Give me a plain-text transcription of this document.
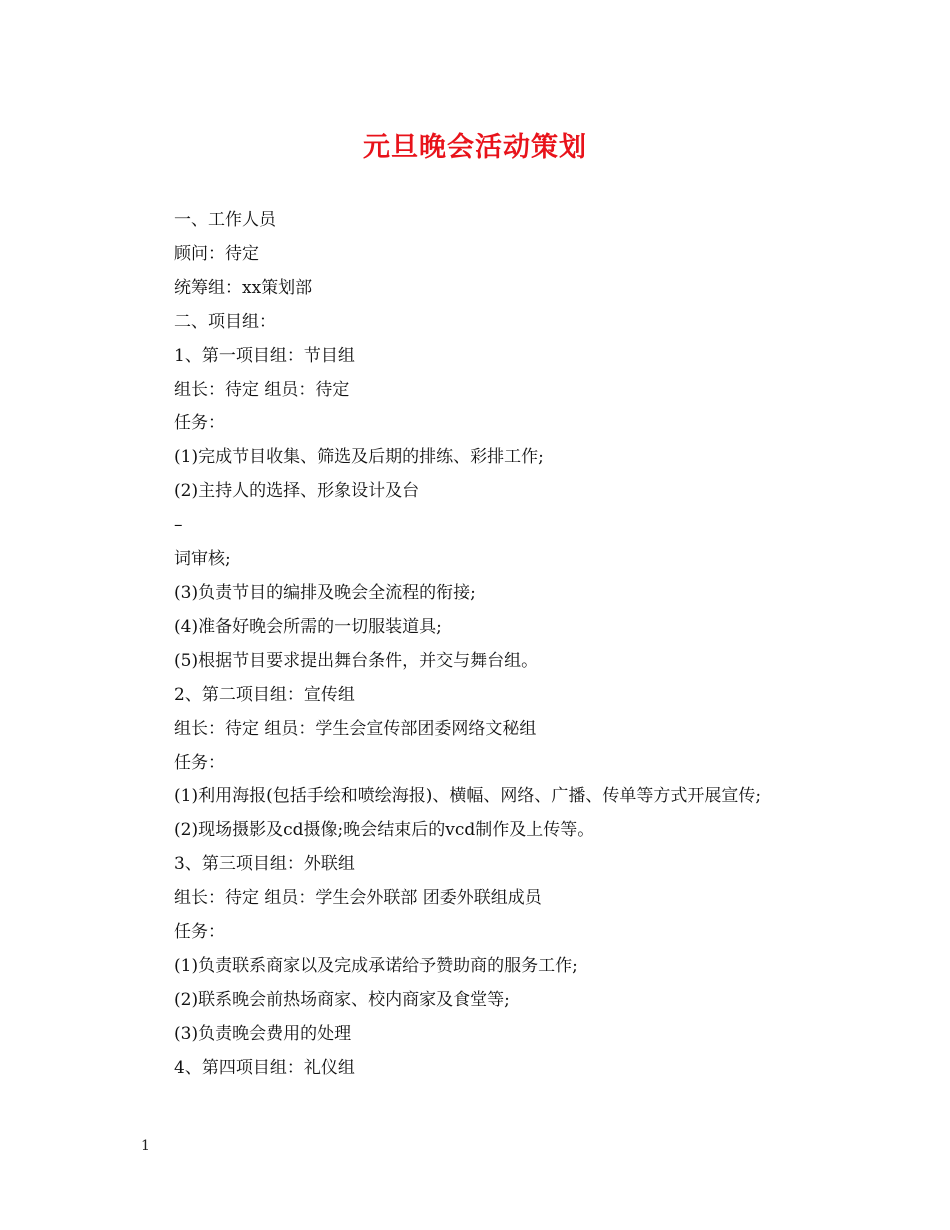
元旦晚会活动策划

一、工作人员

顾问：待定

统筹组：xx策划部

二、项目组：

1、第一项目组：节目组

组长：待定 组员：待定

任务：

(1)完成节目收集、筛选及后期的排练、彩排工作;

(2)主持人的选择、形象设计及台

–

词审核;

(3)负责节目的编排及晚会全流程的衔接;

(4)准备好晚会所需的一切服装道具;

(5)根据节目要求提出舞台条件，并交与舞台组。

2、第二项目组：宣传组

组长：待定 组员：学生会宣传部团委网络文秘组

任务：

(1)利用海报(包括手绘和喷绘海报)、横幅、网络、广播、传单等方式开展宣传;

(2)现场摄影及cd摄像;晚会结束后的vcd制作及上传等。

3、第三项目组：外联组

组长：待定 组员：学生会外联部 团委外联组成员

任务：

(1)负责联系商家以及完成承诺给予赞助商的服务工作;

(2)联系晚会前热场商家、校内商家及食堂等;

(3)负责晚会费用的处理

4、第四项目组：礼仪组

1
